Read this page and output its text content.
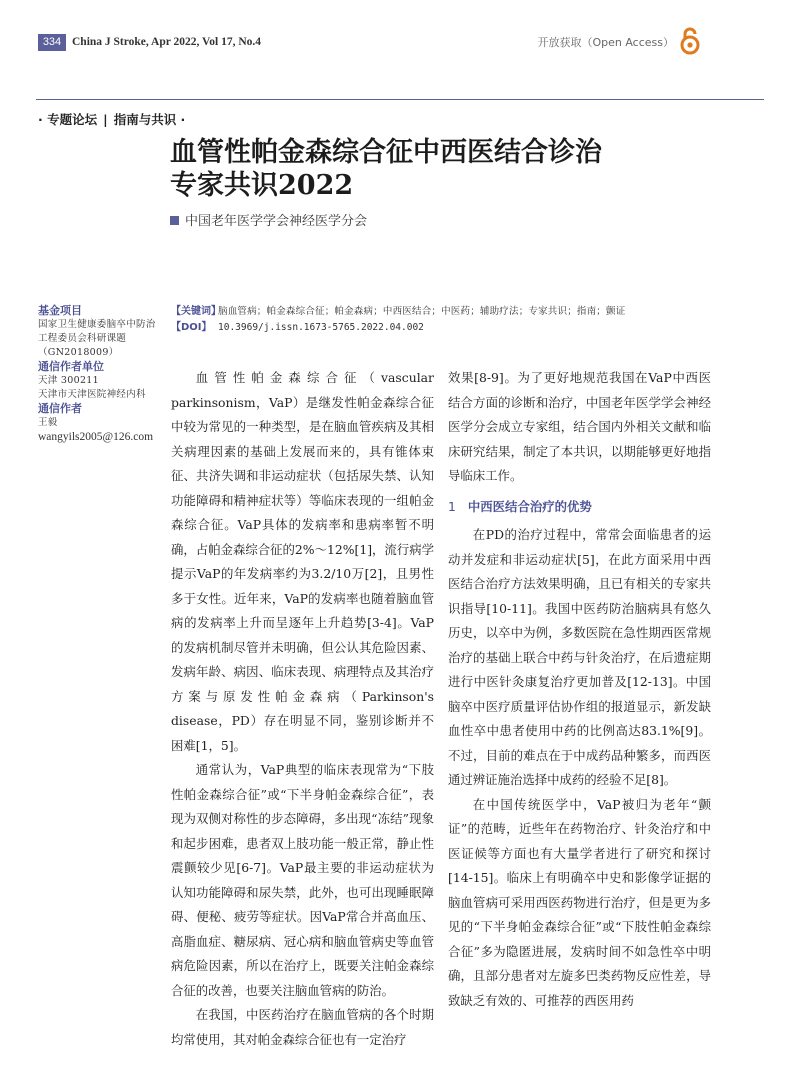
334 China J Stroke, Apr 2022, Vol 17, No.4	开放获取（Open Access）
· 专题论坛 | 指南与共识 ·
血管性帕金森综合征中西医结合诊治
专家共识2022
中国老年医学学会神经医学分会
基金项目
国家卫生健康委脑卒中防治工程委员会科研课题（GN2018009）
通信作者单位
天津 300211
天津市天津医院神经内科
通信作者
王毅
wangyils2005@126.com
【关键词】
脑血管病；帕金森综合征；帕金森病；中西医结合；中医药；辅助疗法；专家共识；指南；颤证
【DOI】 10.3969/j.issn.1673-5765.2022.04.002

血管性帕金森综合征（vascular parkinsonism，VaP）是继发性帕金森综合征中较为常见的一种类型，是在脑血管疾病及其相关病理因素的基础上发展而来的，具有锥体束征、共济失调和非运动症状（包括尿失禁、认知功能障碍和精神症状等）等临床表现的一组帕金森综合征。VaP具体的发病率和患病率暂不明确，占帕金森综合征的2%～12%[1]，流行病学提示VaP的年发病率约为3.2/10万[2]，且男性多于女性。近年来，VaP的发病率也随着脑血管病的发病率上升而呈逐年上升趋势[3-4]。VaP的发病机制尽管并未明确，但公认其危险因素、发病年龄、病因、临床表现、病理特点及其治疗方案与原发性帕金森病（Parkinson's disease，PD）存在明显不同，鉴别诊断并不困难[1，5]。

通常认为，VaP典型的临床表现常为“下肢性帕金森综合征”或“下半身帕金森综合征”，表现为双侧对称性的步态障碍，多出现“冻结”现象和起步困难，患者双上肢功能一般正常，静止性震颤较少见[6-7]。VaP最主要的非运动症状为认知功能障碍和尿失禁，此外，也可出现睡眠障碍、便秘、疲劳等症状。因VaP常合并高血压、高脂血症、糖尿病、冠心病和脑血管病史等血管病危险因素，所以在治疗上，既要关注帕金森综合征的改善，也要关注脑血管病的防治。

在我国，中医药治疗在脑血管病的各个时期均常使用，其对帕金森综合征也有一定治疗

效果[8-9]。为了更好地规范我国在VaP中西医结合方面的诊断和治疗，中国老年医学学会神经医学分会成立专家组，结合国内外相关文献和临床研究结果，制定了本共识，以期能够更好地指导临床工作。

1 中西医结合治疗的优势

在PD的治疗过程中，常常会面临患者的运动并发症和非运动症状[5]，在此方面采用中西医结合治疗方法效果明确，且已有相关的专家共识指导[10-11]。我国中医药防治脑病具有悠久历史，以卒中为例，多数医院在急性期西医常规治疗的基础上联合中药与针灸治疗，在后遗症期进行中医针灸康复治疗更加普及[12-13]。中国脑卒中医疗质量评估协作组的报道显示，新发缺血性卒中患者使用中药的比例高达83.1%[9]。不过，目前的难点在于中成药品种繁多，而西医通过辨证施治选择中成药的经验不足[8]。

在中国传统医学中，VaP被归为老年“颤证”的范畴，近些年在药物治疗、针灸治疗和中医证候等方面也有大量学者进行了研究和探讨[14-15]。临床上有明确卒中史和影像学证据的脑血管病可采用西医药物进行治疗，但是更为多见的“下半身帕金森综合征”或“下肢性帕金森综合征”多为隐匿进展，发病时间不如急性卒中明确，且部分患者对左旋多巴类药物反应性差，导致缺乏有效的、可推荐的西医用药
